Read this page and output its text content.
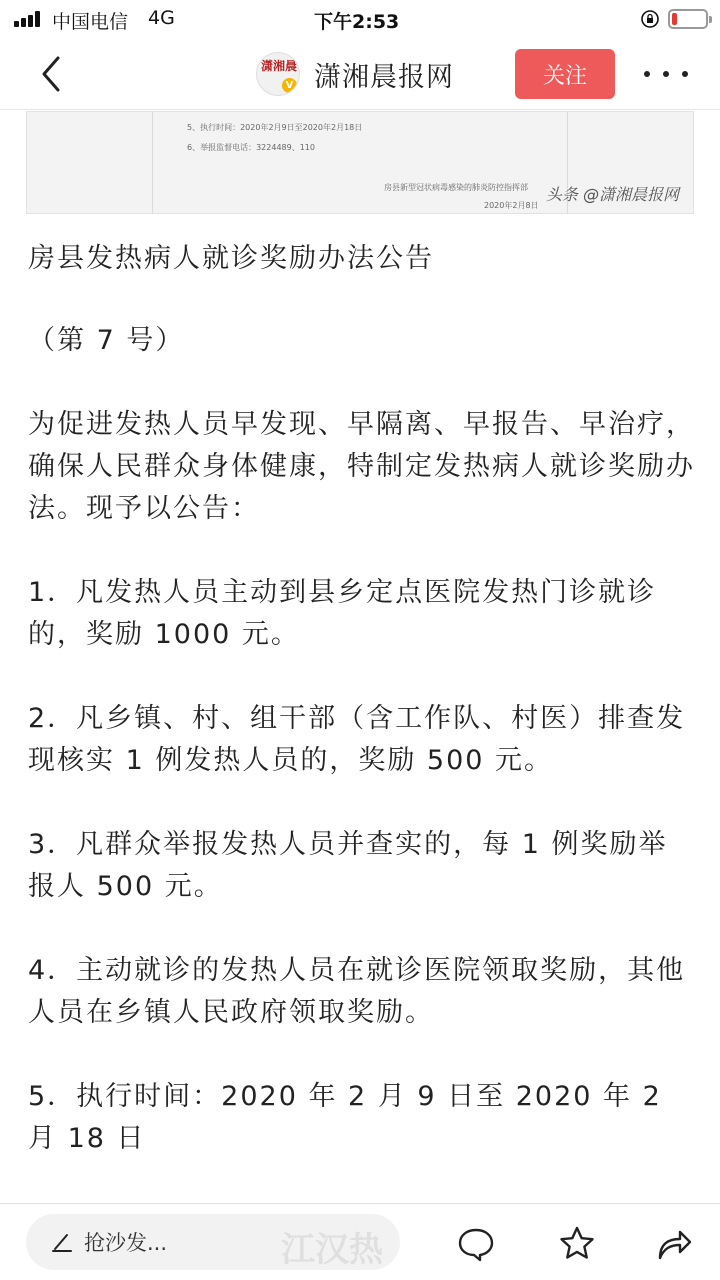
中国电信 4G	下午2:53
潇湘晨
V 潇湘晨报网	关注
5、执行时间：2020年2月9日至2020年2月18日
6、举报监督电话：3224489、110
房县新型冠状病毒感染的肺炎防控指挥部
2020年2月8日
头条 @潇湘晨报网

房县发热病人就诊奖励办法公告

（第 7 号）

为促进发热人员早发现、早隔离、早报告、早治疗，确保人民群众身体健康，特制定发热病人就诊奖励办法。现予以公告：

1．凡发热人员主动到县乡定点医院发热门诊就诊的，奖励 1000 元。

2．凡乡镇、村、组干部（含工作队、村医）排查发现核实 1 例发热人员的，奖励 500 元。

3．凡群众举报发热人员并查实的，每 1 例奖励举报人 500 元。

4．主动就诊的发热人员在就诊医院领取奖励，其他人员在乡镇人民政府领取奖励。

5．执行时间：2020 年 2 月 9 日至 2020 年 2 月 18 日

抢沙发...	江汉热
